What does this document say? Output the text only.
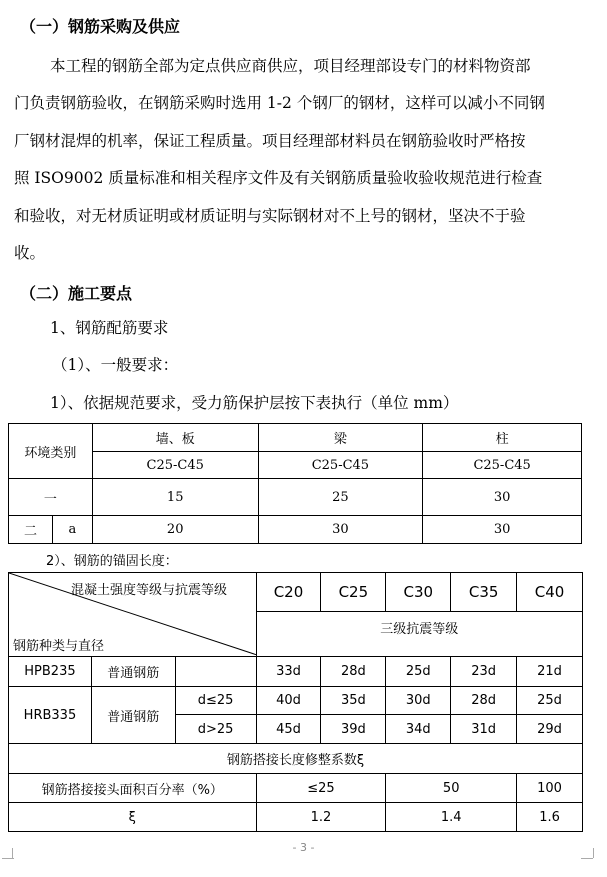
（一）钢筋采购及供应
本工程的钢筋全部为定点供应商供应，项目经理部设专门的材料物资部
门负责钢筋验收，在钢筋采购时选用 1-2 个钢厂的钢材，这样可以减小不同钢
厂钢材混焊的机率，保证工程质量。项目经理部材料员在钢筋验收时严格按
照 ISO9002 质量标准和相关程序文件及有关钢筋质量验收验收规范进行检查
和验收，对无材质证明或材质证明与实际钢材对不上号的钢材，坚决不于验
收。
（二）施工要点
1、钢筋配筋要求
（1）、一般要求：
1）、依据规范要求，受力筋保护层按下表执行（单位 mm）
环境类别		墙、板	梁	柱
		C25-C45	C25-C45	C25-C45
一		15	25	30
二	a	20	30	30
2）、钢筋的锚固长度：
混凝土强度等级与抗震等级
钢筋种类与直径			C20	C25	C30	C35	C40
			三级抗震等级				
HPB235	普通钢筋		33d	28d	25d	23d	21d
HRB335	普通钢筋	d≤25	40d	35d	30d	28d	25d
		d>25	45d	39d	34d	31d	29d
钢筋搭接长度修整系数ξ							
钢筋搭接接头面积百分率（%）			≤25		50		100
ξ			1.2		1.4		1.6
- 3 -
